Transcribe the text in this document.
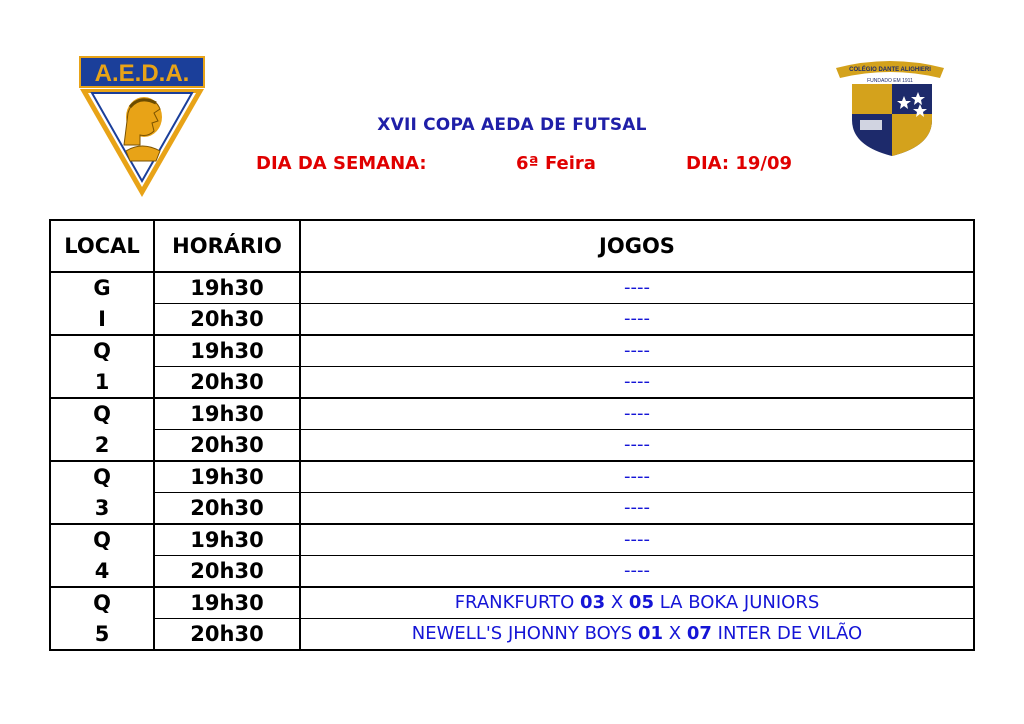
A.E.D.A.	COLÉGIO DANTE ALIGHIERI
FUNDADO EM 1911
XVII COPA AEDA DE FUTSAL
DIA DA SEMANA:	6ª Feira	DIA: 19/09
LOCAL	HORÁRIO	JOGOS
G	19h30	----
I	20h30	----
Q	19h30	----
1	20h30	----
Q	19h30	----
2	20h30	----
Q	19h30	----
3	20h30	----
Q	19h30	----
4	20h30	----
Q	19h30	FRANKFURTO 03 X 05 LA BOKA JUNIORS
5	20h30	NEWELL'S JHONNY BOYS 01 X 07 INTER DE VILÃO
